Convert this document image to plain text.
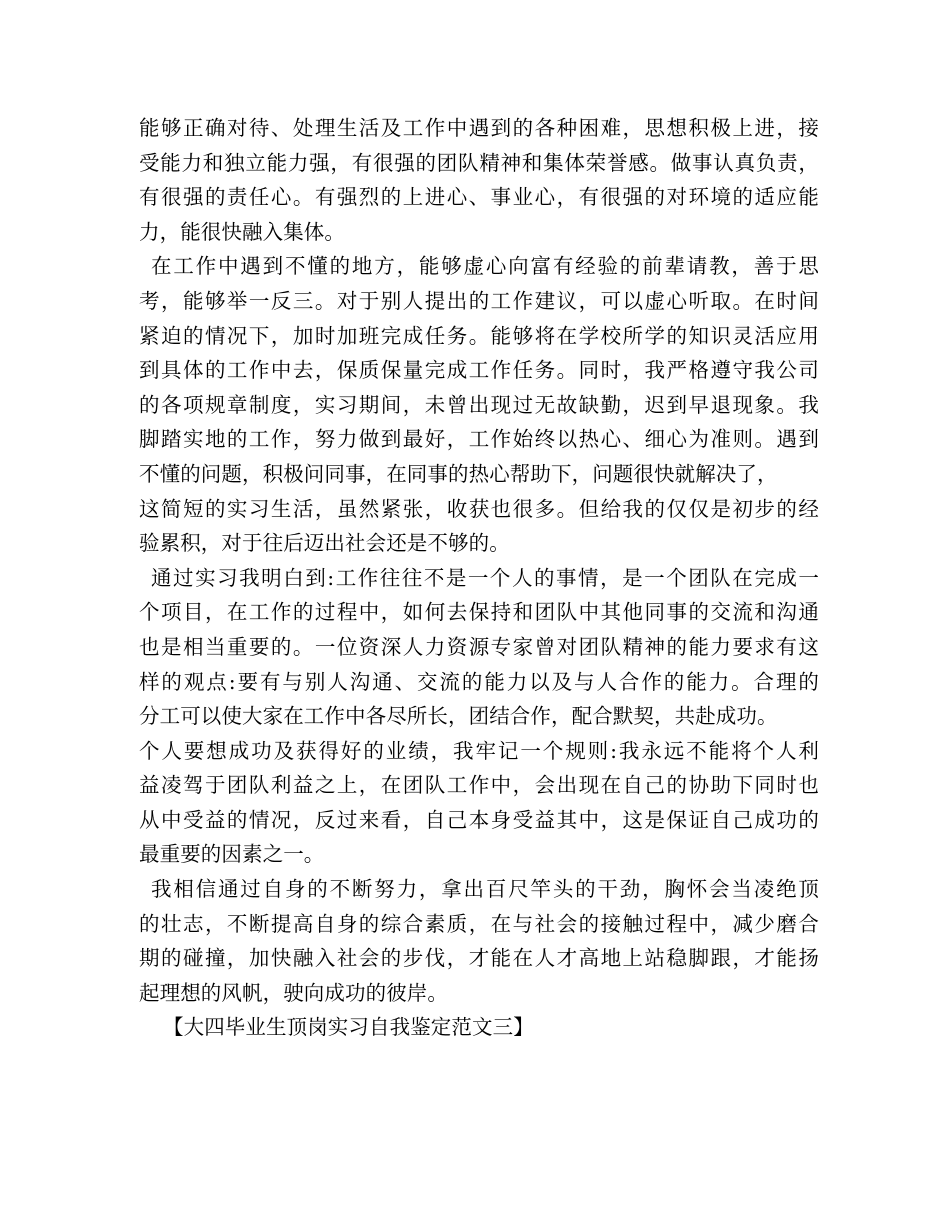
能够正确对待、处理生活及工作中遇到的各种困难，思想积极上进，接
受能力和独立能力强，有很强的团队精神和集体荣誉感。做事认真负责，
有很强的责任心。有强烈的上进心、事业心，有很强的对环境的适应能
力，能很快融入集体。
在工作中遇到不懂的地方，能够虚心向富有经验的前辈请教，善于思
考，能够举一反三。对于别人提出的工作建议，可以虚心听取。在时间
紧迫的情况下，加时加班完成任务。能够将在学校所学的知识灵活应用
到具体的工作中去，保质保量完成工作任务。同时，我严格遵守我公司
的各项规章制度，实习期间，未曾出现过无故缺勤，迟到早退现象。我
脚踏实地的工作，努力做到最好，工作始终以热心、细心为准则。遇到
不懂的问题，积极问同事，在同事的热心帮助下，问题很快就解决了，
这简短的实习生活，虽然紧张，收获也很多。但给我的仅仅是初步的经
验累积，对于往后迈出社会还是不够的。
通过实习我明白到:工作往往不是一个人的事情，是一个团队在完成一
个项目，在工作的过程中，如何去保持和团队中其他同事的交流和沟通
也是相当重要的。一位资深人力资源专家曾对团队精神的能力要求有这
样的观点:要有与别人沟通、交流的能力以及与人合作的能力。合理的
分工可以使大家在工作中各尽所长，团结合作，配合默契，共赴成功。
个人要想成功及获得好的业绩，我牢记一个规则:我永远不能将个人利
益凌驾于团队利益之上，在团队工作中，会出现在自己的协助下同时也
从中受益的情况，反过来看，自己本身受益其中，这是保证自己成功的
最重要的因素之一。
我相信通过自身的不断努力，拿出百尺竿头的干劲，胸怀会当凌绝顶
的壮志，不断提高自身的综合素质，在与社会的接触过程中，减少磨合
期的碰撞，加快融入社会的步伐，才能在人才高地上站稳脚跟，才能扬
起理想的风帆，驶向成功的彼岸。
【大四毕业生顶岗实习自我鉴定范文三】
